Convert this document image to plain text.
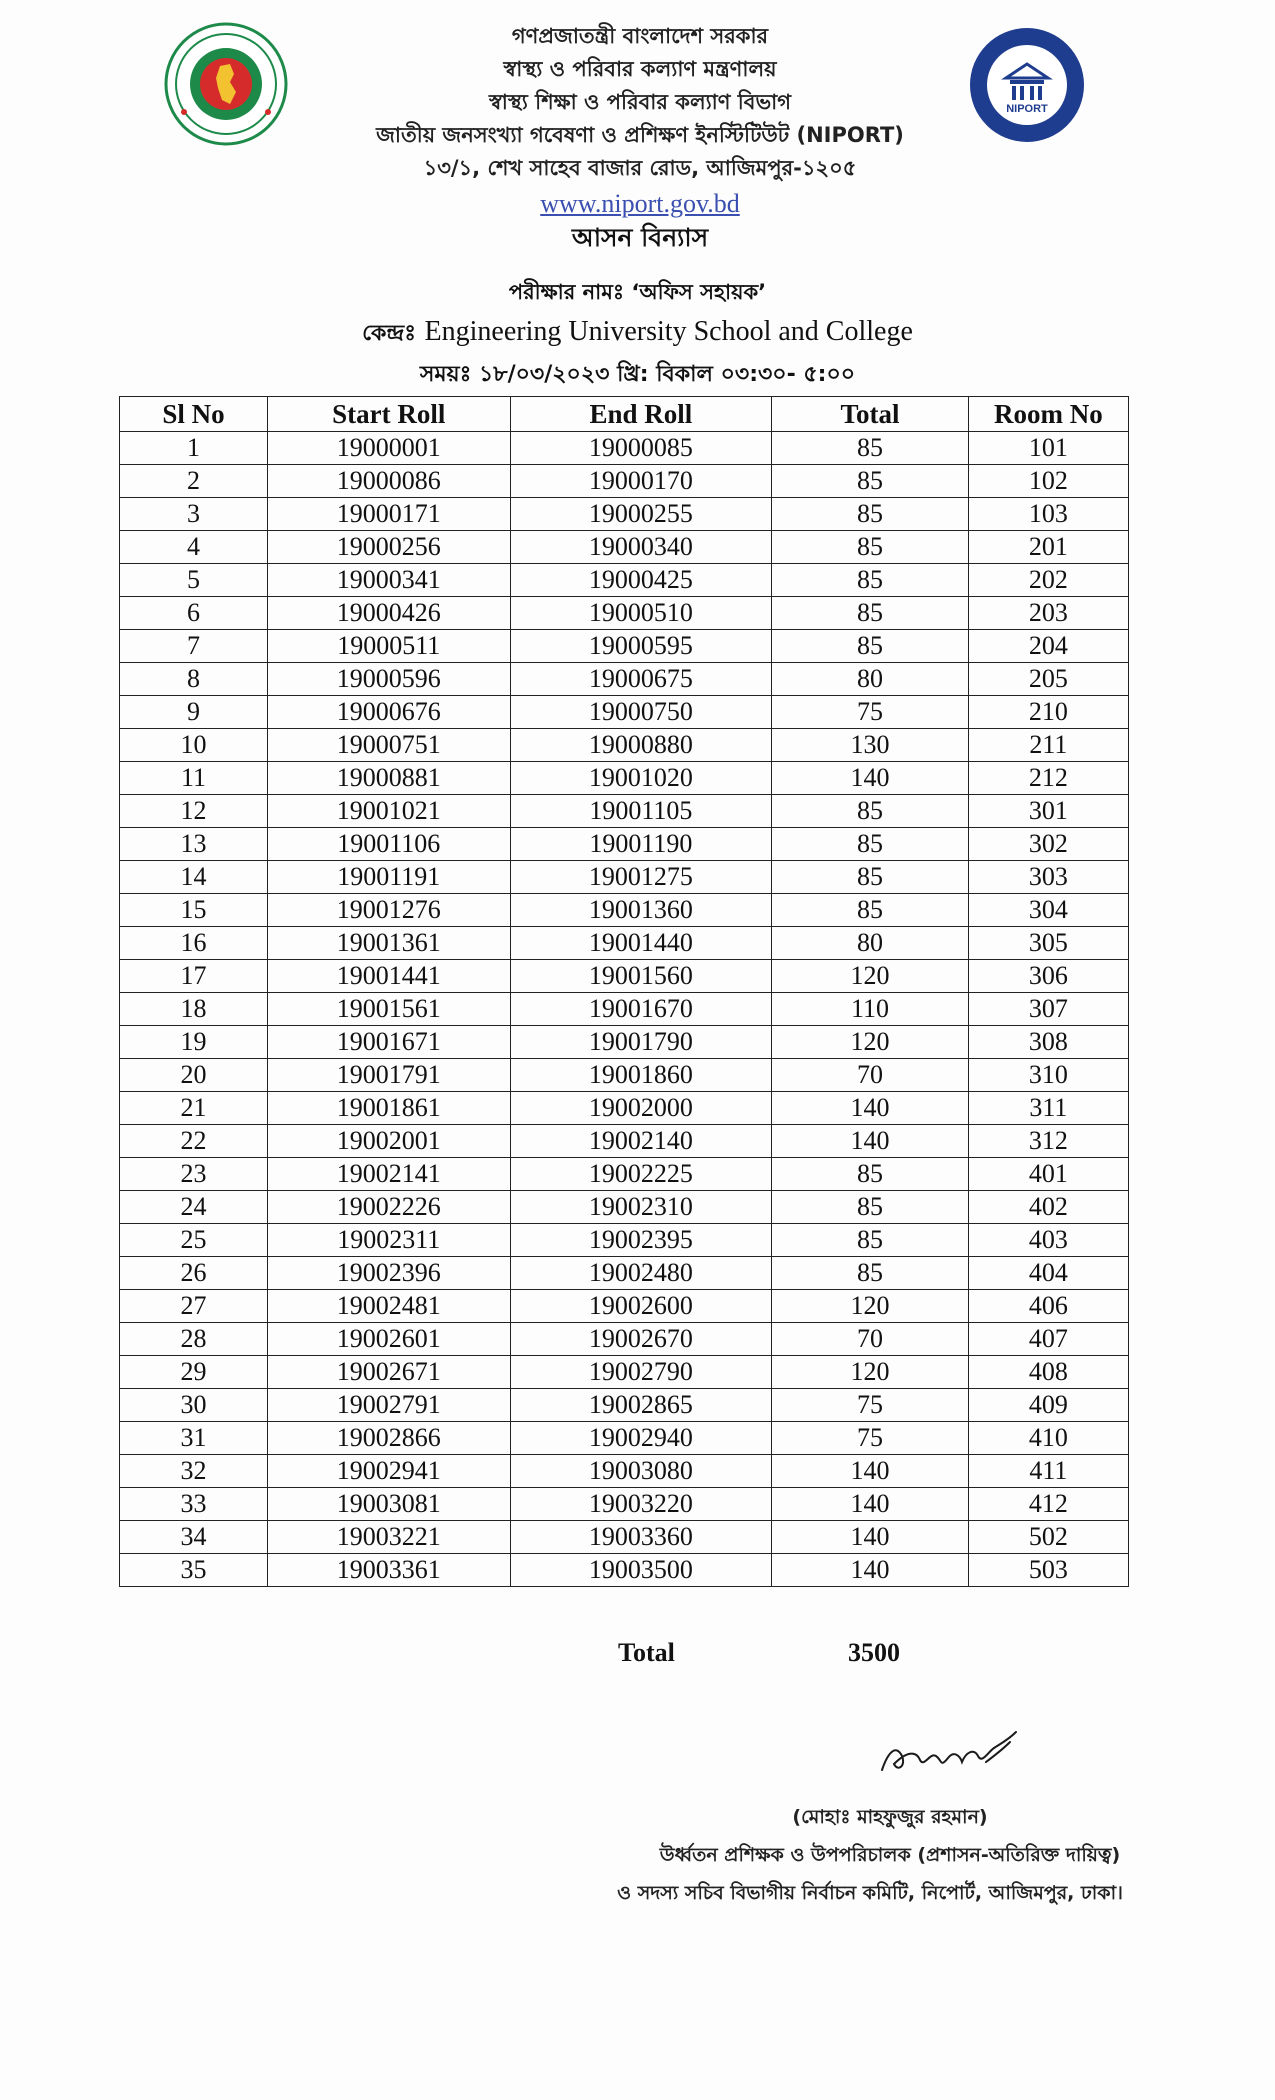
NIPORT
গণপ্রজাতন্ত্রী বাংলাদেশ সরকার
স্বাস্থ্য ও পরিবার কল্যাণ মন্ত্রণালয়
স্বাস্থ্য শিক্ষা ও পরিবার কল্যাণ বিভাগ
জাতীয় জনসংখ্যা গবেষণা ও প্রশিক্ষণ ইনস্টিটিউট (NIPORT)
১৩/১, শেখ সাহেব বাজার রোড, আজিমপুর-১২০৫
www.niport.gov.bd
আসন বিন্যাস
পরীক্ষার নামঃ ‘অফিস সহায়ক’
কেন্দ্রঃ Engineering University School and College
সময়ঃ ১৮/০৩/২০২৩ খ্রি: বিকাল ০৩:৩০- ৫:০০
Sl No	Start Roll	End Roll	Total	Room No
1	19000001	19000085	85	101
2	19000086	19000170	85	102
3	19000171	19000255	85	103
4	19000256	19000340	85	201
5	19000341	19000425	85	202
6	19000426	19000510	85	203
7	19000511	19000595	85	204
8	19000596	19000675	80	205
9	19000676	19000750	75	210
10	19000751	19000880	130	211
11	19000881	19001020	140	212
12	19001021	19001105	85	301
13	19001106	19001190	85	302
14	19001191	19001275	85	303
15	19001276	19001360	85	304
16	19001361	19001440	80	305
17	19001441	19001560	120	306
18	19001561	19001670	110	307
19	19001671	19001790	120	308
20	19001791	19001860	70	310
21	19001861	19002000	140	311
22	19002001	19002140	140	312
23	19002141	19002225	85	401
24	19002226	19002310	85	402
25	19002311	19002395	85	403
26	19002396	19002480	85	404
27	19002481	19002600	120	406
28	19002601	19002670	70	407
29	19002671	19002790	120	408
30	19002791	19002865	75	409
31	19002866	19002940	75	410
32	19002941	19003080	140	411
33	19003081	19003220	140	412
34	19003221	19003360	140	502
35	19003361	19003500	140	503
Total	3500
(মোহাঃ মাহফুজুর রহমান)
উর্ধ্বতন প্রশিক্ষক ও উপপরিচালক (প্রশাসন-অতিরিক্ত দায়িত্ব)
ও সদস্য সচিব বিভাগীয় নির্বাচন কমিটি, নিপোর্ট, আজিমপুর, ঢাকা।
